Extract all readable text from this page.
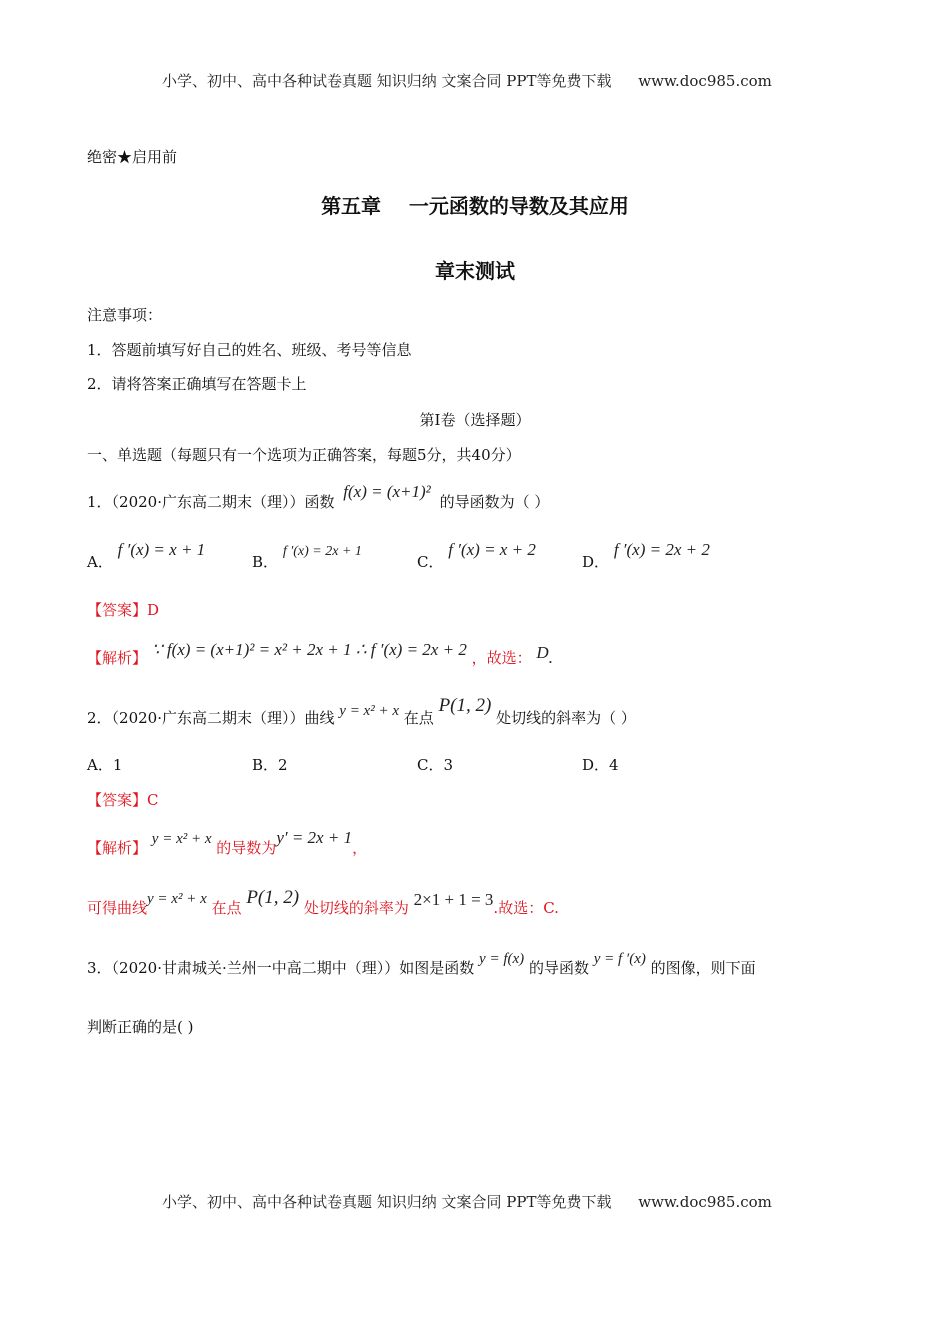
小学、初中、高中各种试卷真题 知识归纳 文案合同 PPT等免费下载 www.doc985.com
绝密★启用前
第五章    一元函数的导数及其应用
章末测试
注意事项：
1．答题前填写好自己的姓名、班级、考号等信息
2．请将答案正确填写在答题卡上
第I卷（选择题）
一、单选题（每题只有一个选项为正确答案，每题5分，共40分）
1．（2020·广东高二期末（理））函数 f(x) = (x+1)² 的导函数为（ ）
A． f ′(x) = x + 1
B． f ′(x) = 2x + 1
C． f ′(x) = x + 2
D． f ′(x) = 2x + 2
【答案】D
【解析】 ∵ f(x) = (x+1)² = x² + 2x + 1 ∴ f ′(x) = 2x + 2 ，故选： D.
2．（2020·广东高二期末（理））曲线 y = x² + x 在点 P(1, 2) 处切线的斜率为（ ）
A．1	B．2	C．3	D．4
【答案】C
【解析】 y = x² + x 的导数为y′ = 2x + 1，
可得曲线y = x² + x 在点 P(1, 2) 处切线的斜率为 2×1 + 1 = 3.故选：C.
3．（2020·甘肃城关·兰州一中高二期中（理））如图是函数 y = f(x) 的导函数 y = f ′(x) 的图像，则下面
判断正确的是( )
小学、初中、高中各种试卷真题 知识归纳 文案合同 PPT等免费下载 www.doc985.com
